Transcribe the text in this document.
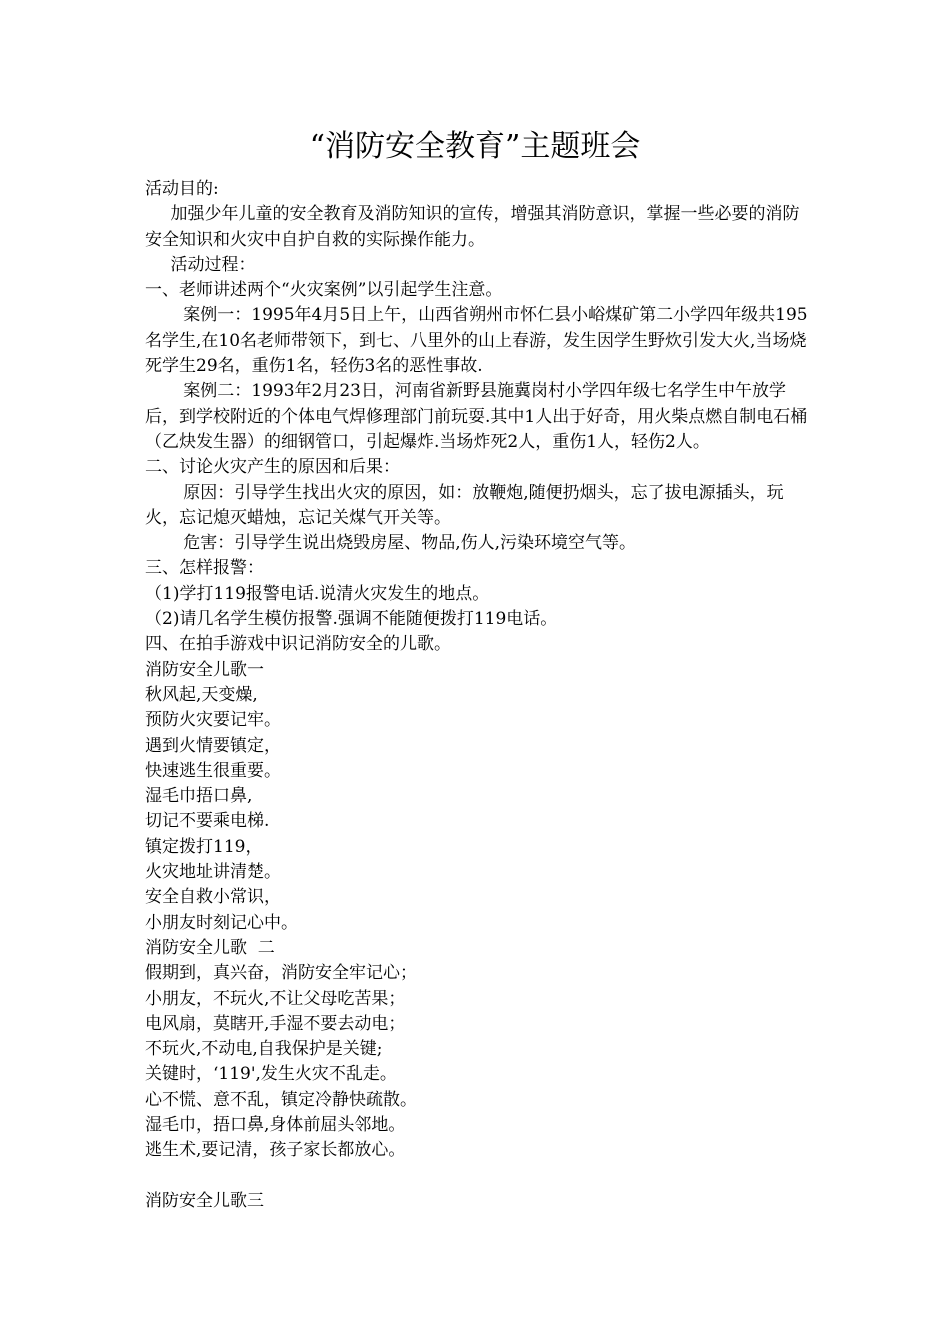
“消防安全教育”主题班会

活动目的:

加强少年儿童的安全教育及消防知识的宣传，增强其消防意识，掌握一些必要的消防安全知识和火灾中自护自救的实际操作能力。

活动过程：

一、老师讲述两个“火灾案例”以引起学生注意。

案例一：1995年4月5日上午，山西省朔州市怀仁县小峪煤矿第二小学四年级共195名学生,在10名老师带领下，到七、八里外的山上春游，发生因学生野炊引发大火,当场烧死学生29名，重伤1名，轻伤3名的恶性事故.

案例二：1993年2月23日，河南省新野县施冀岗村小学四年级七名学生中午放学后，到学校附近的个体电气焊修理部门前玩耍.其中1人出于好奇，用火柴点燃自制电石桶（乙炔发生器）的细钢管口，引起爆炸.当场炸死2人，重伤1人，轻伤2人。

二、讨论火灾产生的原因和后果：

原因：引导学生找出火灾的原因，如：放鞭炮,随便扔烟头，忘了拔电源插头，玩火，忘记熄灭蜡烛，忘记关煤气开关等。

危害：引导学生说出烧毁房屋、物品,伤人,污染环境空气等。

三、怎样报警：

（1)学打119报警电话.说清火灾发生的地点。

（2)请几名学生模仿报警.强调不能随便拨打119电话。

四、在拍手游戏中识记消防安全的儿歌。

消防安全儿歌一

秋风起,天变燥,

预防火灾要记牢。

遇到火情要镇定，

快速逃生很重要。

湿毛巾捂口鼻,

切记不要乘电梯.

镇定拨打119，

火灾地址讲清楚。

安全自救小常识，

小朋友时刻记心中。

消防安全儿歌  二

假期到，真兴奋，消防安全牢记心；

小朋友，不玩火,不让父母吃苦果；

电风扇，莫瞎开,手湿不要去动电；

不玩火,不动电,自我保护是关键;

关键时，‘119',发生火灾不乱走。

心不慌、意不乱，镇定冷静快疏散。

湿毛巾，捂口鼻,身体前屈头邻地。

逃生术,要记清，孩子家长都放心。

消防安全儿歌三
